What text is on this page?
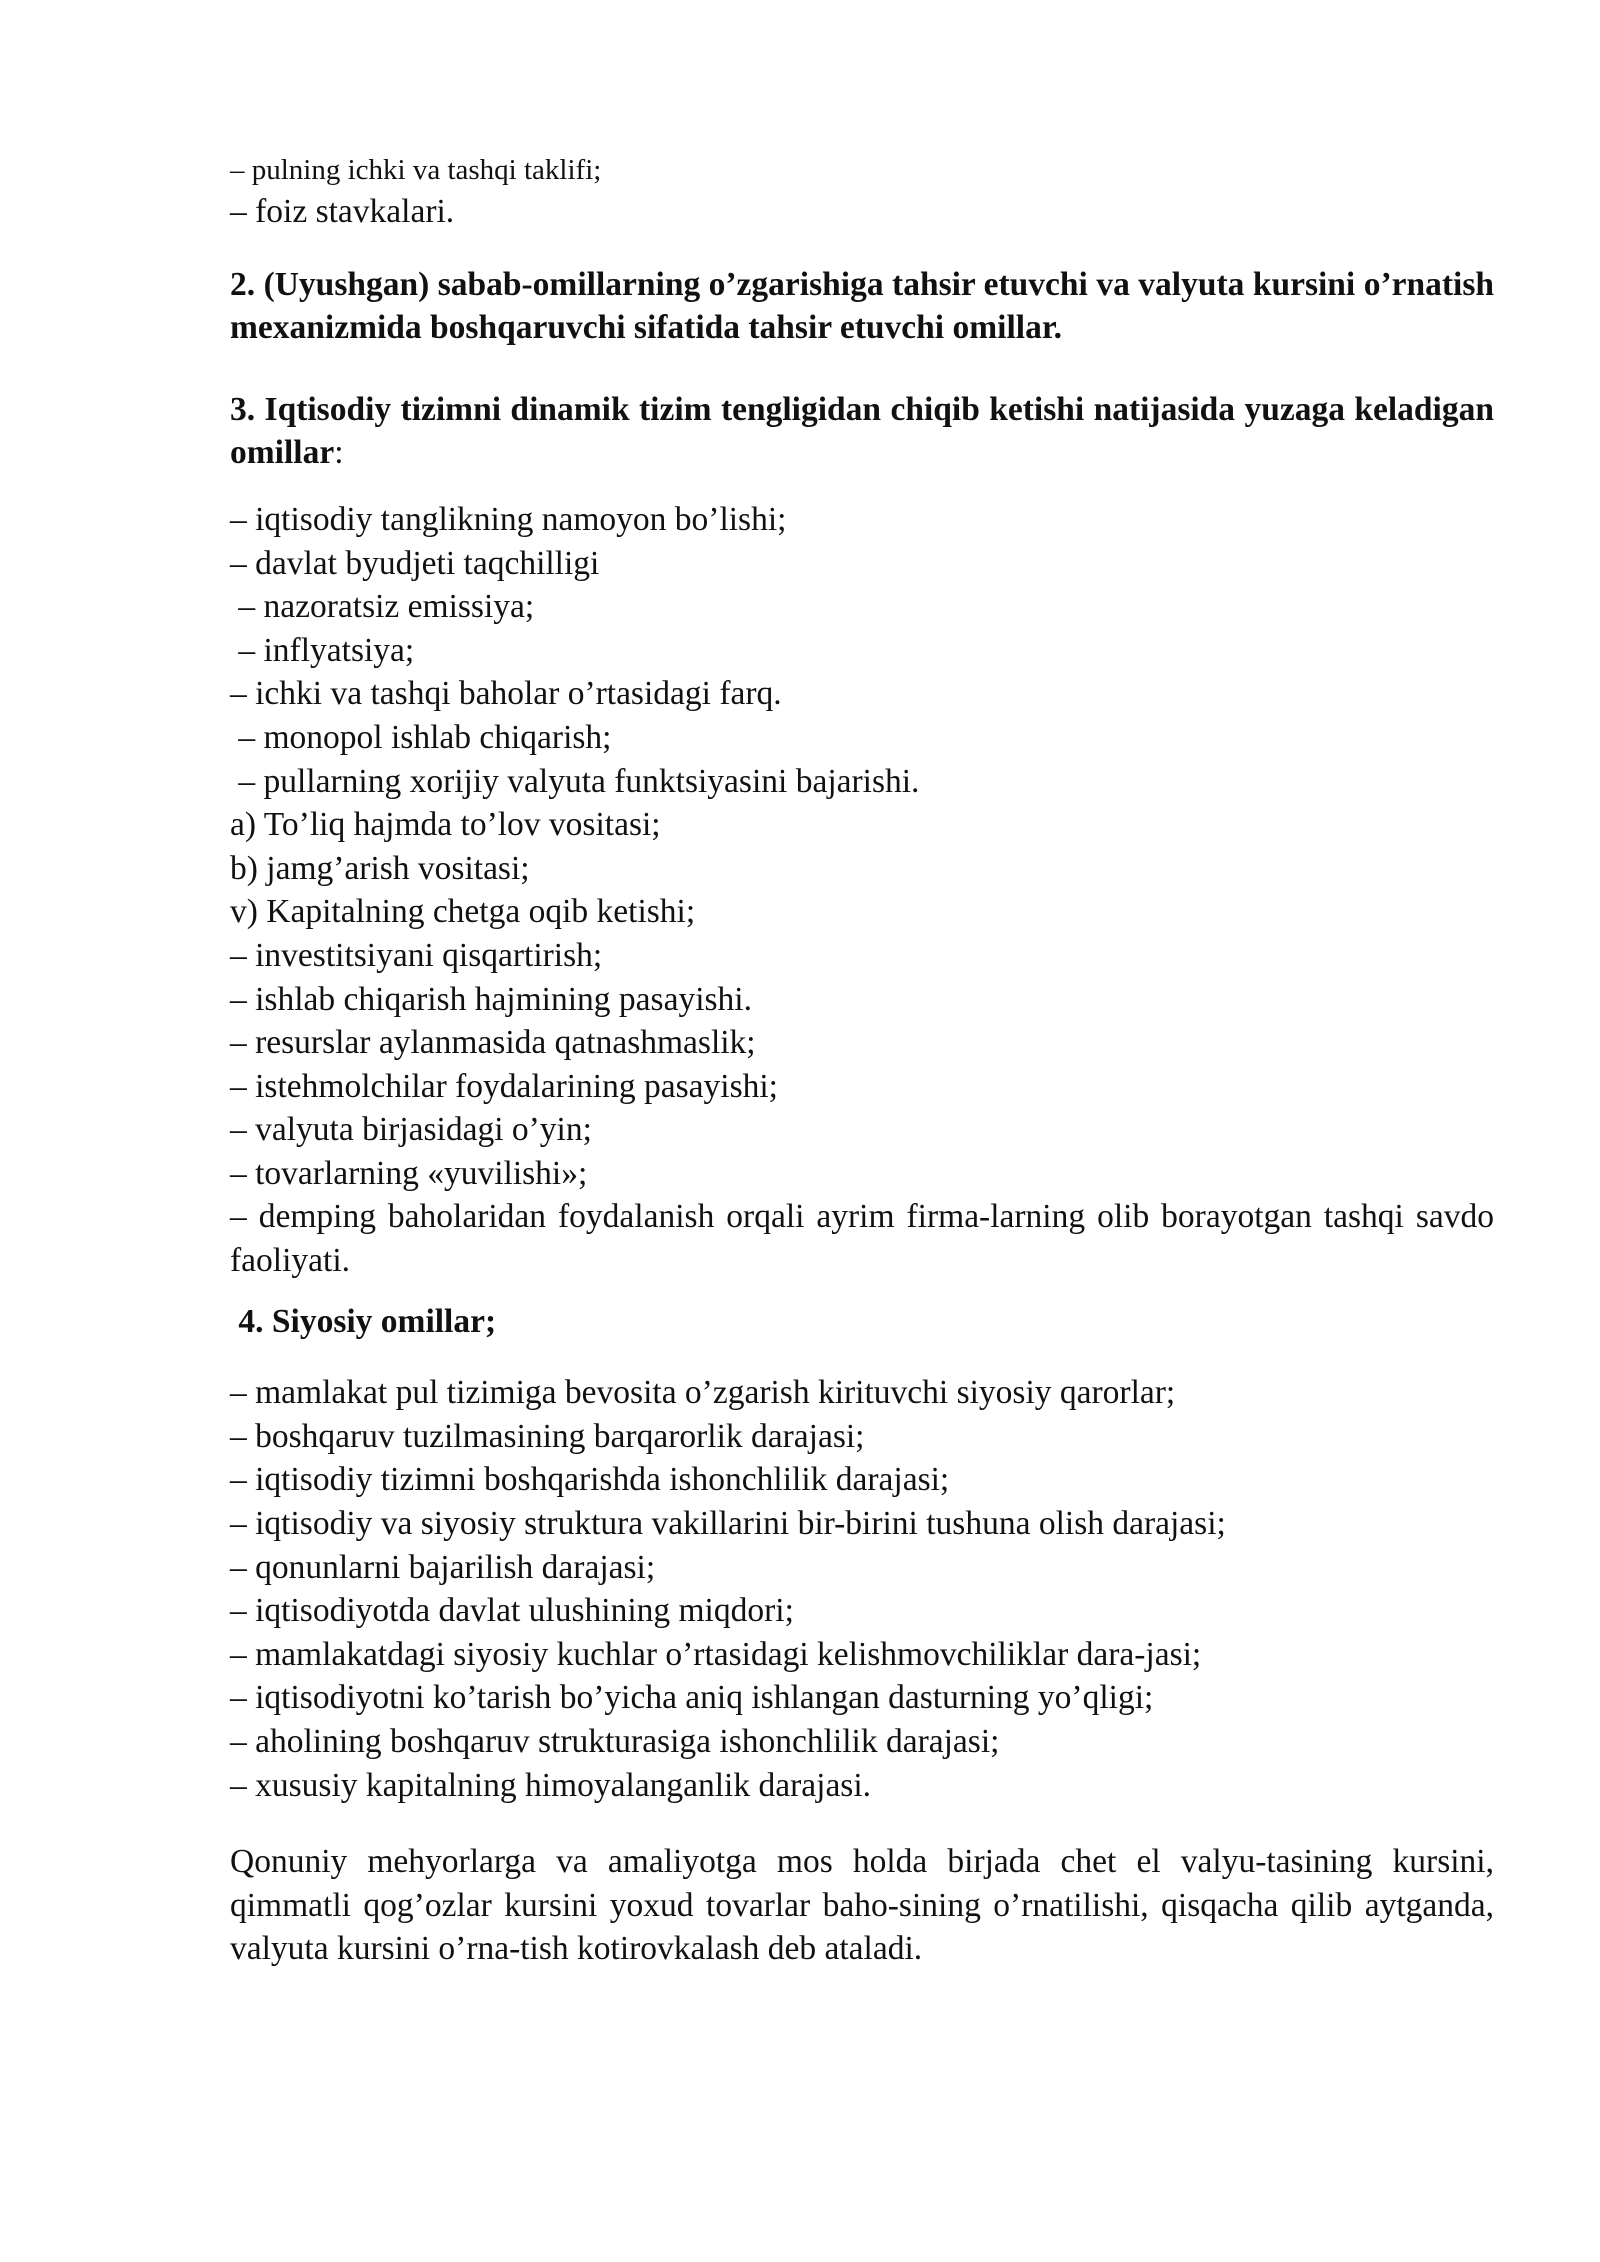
– pulning ichki va tashqi taklifi;
– foiz stavkalari.
2. (Uyushgan) sabab-omillarning o’zgarishiga tahsir etuvchi va valyuta kursini o’rnatish mexanizmida boshqaruvchi sifatida tahsir etuvchi omillar.
3. Iqtisodiy tizimni dinamik tizim tengligidan chiqib ketishi natijasida yuzaga keladigan omillar:
– iqtisodiy tanglikning namoyon bo’lishi;
– davlat byudjeti taqchilligi
– nazoratsiz emissiya;
– inflyatsiya;
– ichki va tashqi baholar o’rtasidagi farq.
– monopol ishlab chiqarish;
– pullarning xorijiy valyuta funktsiyasini bajarishi.
a) To’liq hajmda to’lov vositasi;
b) jamg’arish vositasi;
v) Kapitalning chetga oqib ketishi;
– investitsiyani qisqartirish;
– ishlab chiqarish hajmining pasayishi.
– resurslar aylanmasida qatnashmaslik;
– istehmolchilar foydalarining pasayishi;
– valyuta birjasidagi o’yin;
– tovarlarning «yuvilishi»;
– demping baholaridan foydalanish orqali ayrim firma-larning olib borayotgan tashqi savdo faoliyati.
4. Siyosiy omillar;
– mamlakat pul tizimiga bevosita o’zgarish kirituvchi siyosiy qarorlar;
– boshqaruv tuzilmasining barqarorlik darajasi;
– iqtisodiy tizimni boshqarishda ishonchlilik darajasi;
– iqtisodiy va siyosiy struktura vakillarini bir-birini tushuna olish darajasi;
– qonunlarni bajarilish darajasi;
– iqtisodiyotda davlat ulushining miqdori;
– mamlakatdagi siyosiy kuchlar o’rtasidagi kelishmovchiliklar dara-jasi;
– iqtisodiyotni ko’tarish bo’yicha aniq ishlangan dasturning yo’qligi;
– aholining boshqaruv strukturasiga ishonchlilik darajasi;
– xususiy kapitalning himoyalanganlik darajasi.
Qonuniy mehyorlarga va amaliyotga mos holda birjada chet el valyu-tasining kursini, qimmatli qog’ozlar kursini yoxud tovarlar baho-sining o’rnatilishi, qisqacha qilib aytganda, valyuta kursini o’rna-tish kotirovkalash deb ataladi.
